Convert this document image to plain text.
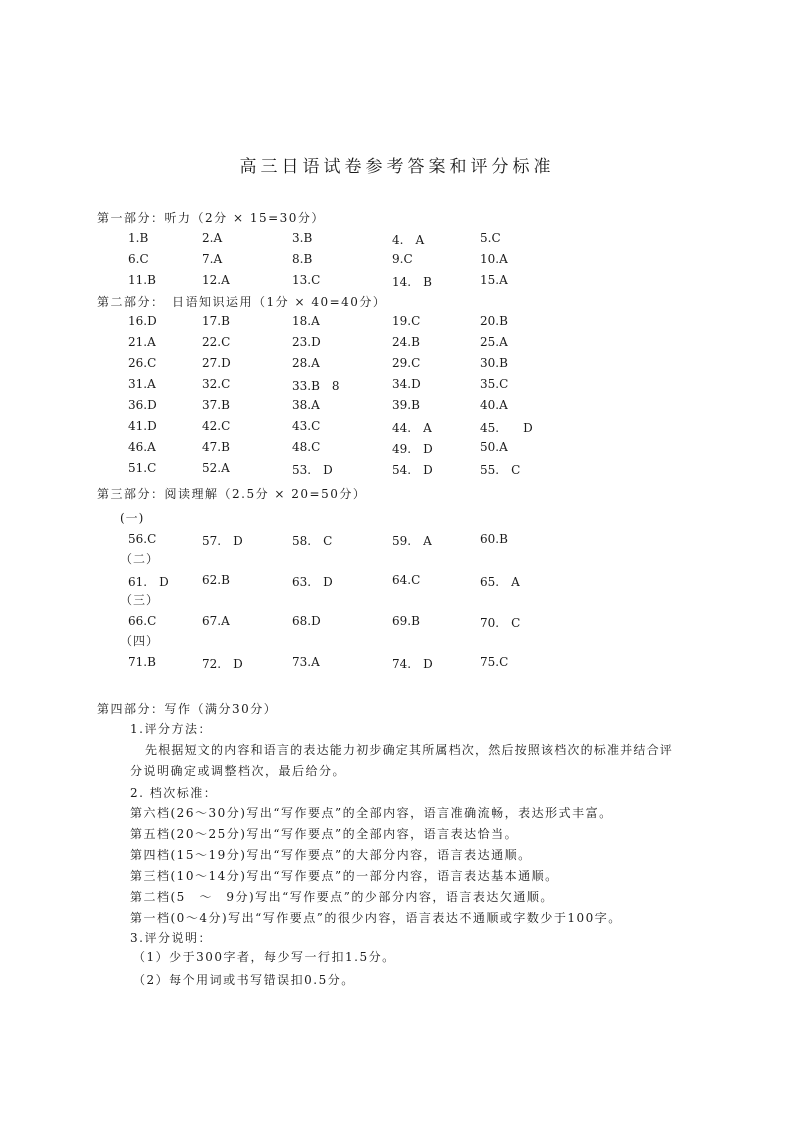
高三日语试卷参考答案和评分标准
第一部分：听力（2分 × 15=30分）
1.B	2.A	3.B	4.　A	5.C
6.C	7.A	8.B	9.C	10.A
11.B	12.A	13.C	14.　B	15.A
第二部分：　日语知识运用（1分 × 40=40分）
16.D	17.B	18.A	19.C	20.B
21.A	22.C	23.D	24.B	25.A
26.C	27.D	28.A	29.C	30.B
31.A	32.C	33.B　8	34.D	35.C
36.D	37.B	38.A	39.B	40.A
41.D	42.C	43.C	44.　A	45.　　D
46.A	47.B	48.C	49.　D	50.A
51.C	52.A	53.　D	54.　D	55.　C
第三部分：阅读理解（2.5分 × 20=50分）
(一)
56.C	57.　D	58.　C	59.　A	60.B
（二）
61.　D	62.B	63.　D	64.C	65.　A
（三）
66.C	67.A	68.D	69.B	70.　C
（四）
71.B	72.　D	73.A	74.　D	75.C
第四部分：写作（满分30分）
1.评分方法：
先根据短文的内容和语言的表达能力初步确定其所属档次，然后按照该档次的标准并结合评
分说明确定或调整档次，最后给分。
2. 档次标准：
第六档(26～30分)写出“写作要点”的全部内容，语言准确流畅，表达形式丰富。
第五档(20～25分)写出“写作要点”的全部内容，语言表达恰当。
第四档(15～19分)写出“写作要点”的大部分内容，语言表达通顺。
第三档(10～14分)写出“写作要点”的一部分内容，语言表达基本通顺。
第二档(5　～　9分)写出“写作要点”的少部分内容，语言表达欠通顺。
第一档(0～4分)写出“写作要点”的很少内容，语言表达不通顺或字数少于100字。
3.评分说明：
（1）少于300字者，每少写一行扣1.5分。
（2）每个用词或书写错误扣0.5分。
